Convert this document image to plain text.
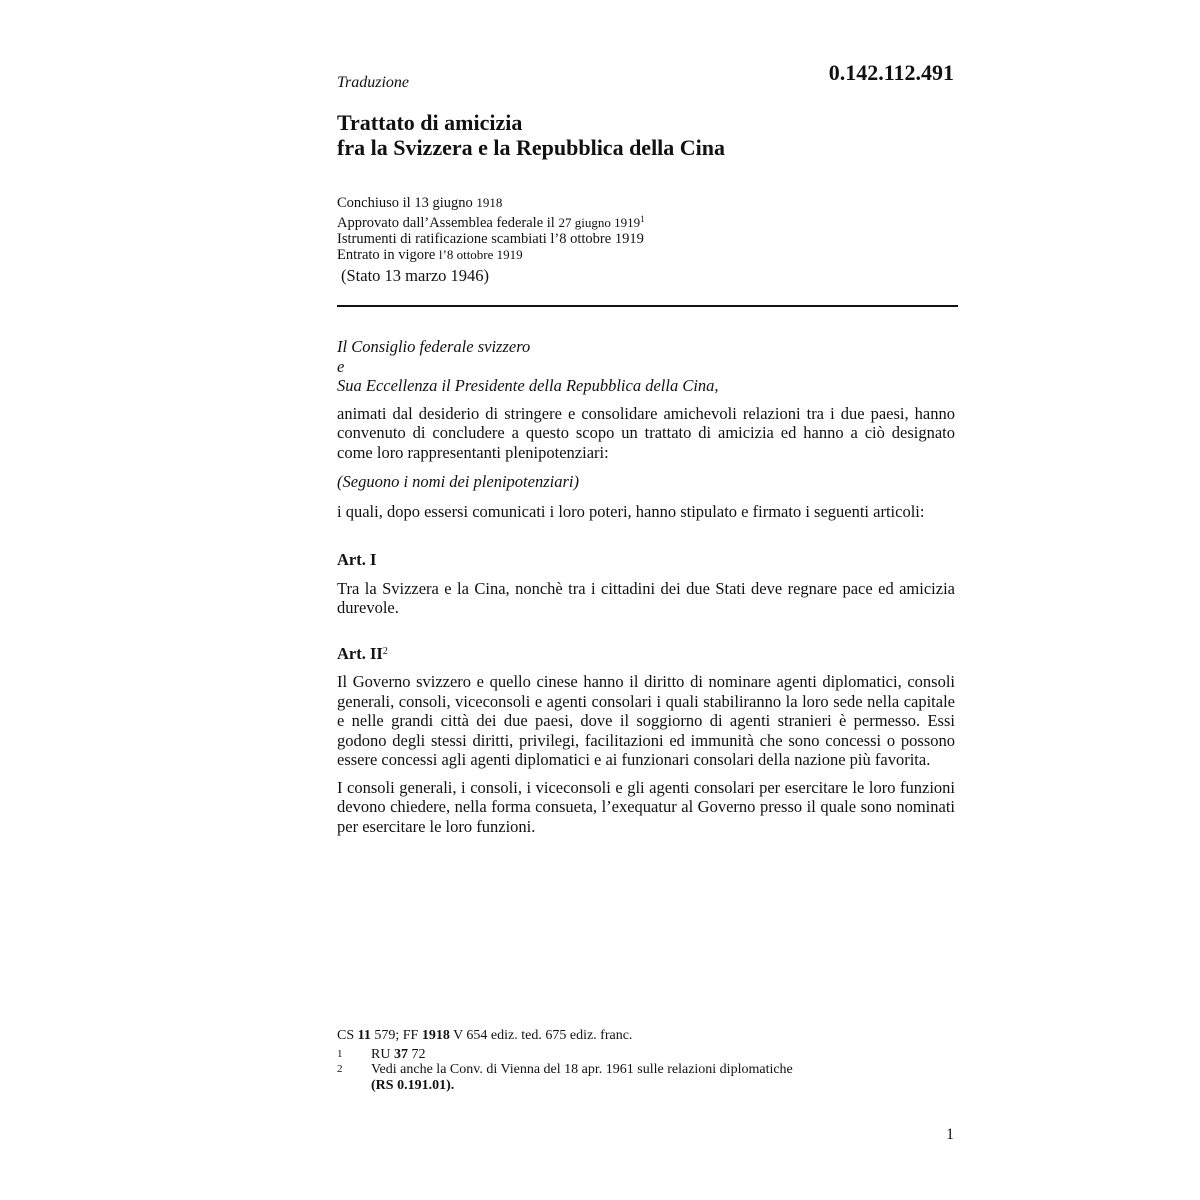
Traduzione	0.142.112.491
Trattato di amicizia
fra la Svizzera e la Repubblica della Cina
Conchiuso il 13 giugno 1918
Approvato dall’Assemblea federale il 27 giugno 1919$^1$
Istrumenti di ratificazione scambiati l’8 ottobre 1919
Entrato in vigore l’8 ottobre 1919
(Stato 13 marzo 1946)

Il Consiglio federale svizzero

e

Sua Eccellenza il Presidente della Repubblica della Cina,

animati dal desiderio di stringere e consolidare amichevoli relazioni tra i due paesi, hanno convenuto di concludere a questo scopo un trattato di amicizia ed hanno a ciò designato come loro rappresentanti plenipotenziari:

(Seguono i nomi dei plenipotenziari)

i quali, dopo essersi comunicati i loro poteri, hanno stipulato e firmato i seguenti articoli:

Art. I

Tra la Svizzera e la Cina, nonchè tra i cittadini dei due Stati deve regnare pace ed amicizia durevole.

Art. $II^2$

Il Governo svizzero e quello cinese hanno il diritto di nominare agenti diplomatici, consoli generali, consoli, viceconsoli e agenti consolari i quali stabiliranno la loro sede nella capitale e nelle grandi città dei due paesi, dove il soggiorno di agenti stranieri è permesso. Essi godono degli stessi diritti, privilegi, facilitazioni ed immunità che sono concessi o possono essere concessi agli agenti diplomatici e ai funzionari consolari della nazione più favorita.

I consoli generali, i consoli, i viceconsoli e gli agenti consolari per esercitare le loro funzioni devono chiedere, nella forma consueta, l’exequatur al Governo presso il quale sono nominati per esercitare le loro funzioni.

CS 11 579; FF 1918 V 654 ediz. ted. 675 ediz. franc.
1	RU 37 72
2	Vedi anche la Conv. di Vienna del 18 apr. 1961 sulle relazioni diplomatiche
(RS 0.191.01).
1
